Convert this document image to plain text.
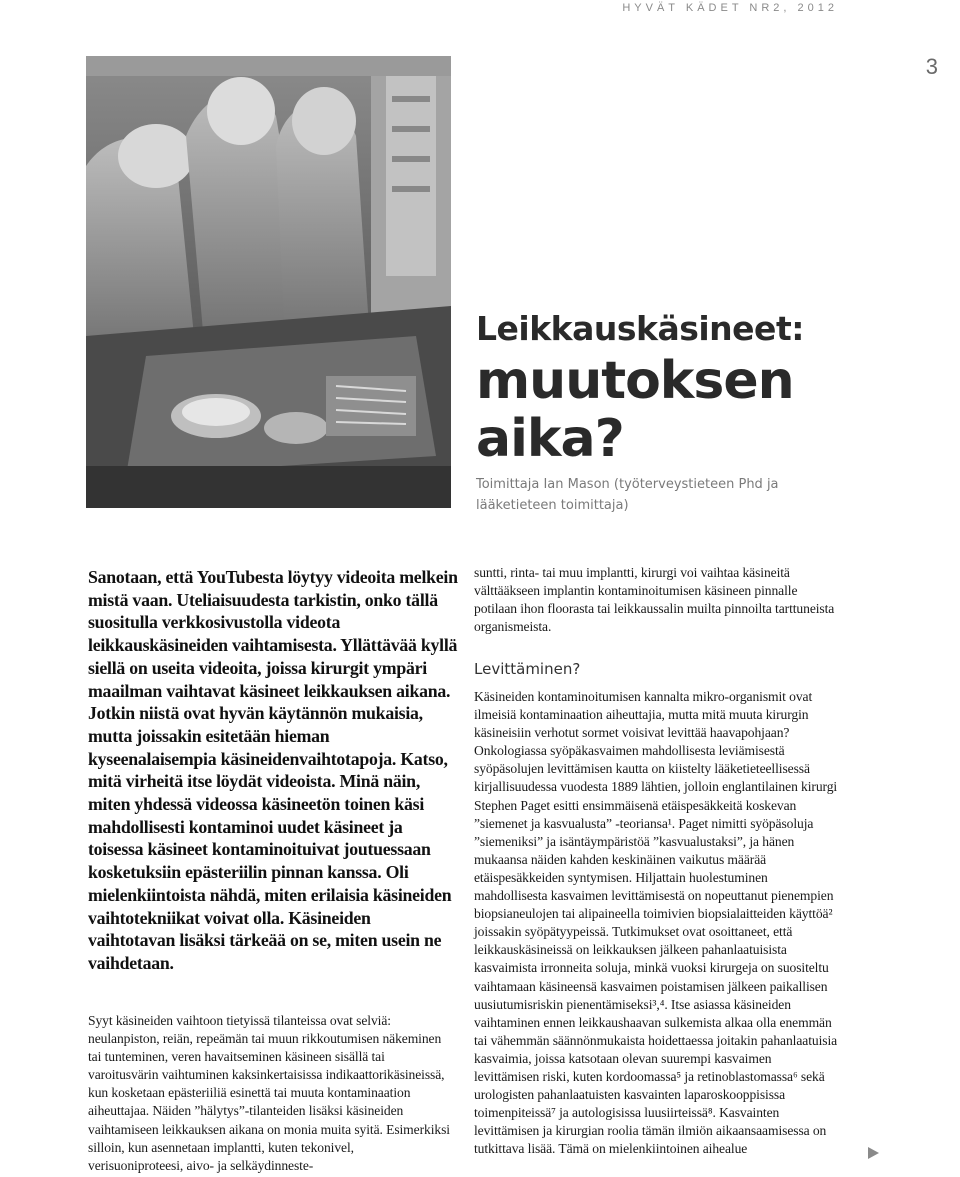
HYVÄT KÄDET NR2, 2012
3
Leikkauskäsineet:
muutoksen
aika?
Toimittaja Ian Mason (työterveystieteen Phd ja lääketieteen toimittaja)

Sanotaan, että YouTubesta löytyy videoita melkein mistä vaan. Uteliaisuudesta tarkistin, onko tällä suositulla verkkosivustolla videota leikkauskäsineiden vaihtamisesta. Yllättävää kyllä siellä on useita videoita, joissa kirurgit ympäri maailman vaihtavat käsineet leikkauksen aikana. Jotkin niistä ovat hyvän käytännön mukaisia, mutta joissakin esitetään hieman kyseenalaisempia käsineidenvaihtotapoja. Katso, mitä virheitä itse löydät videoista. Minä näin, miten yhdessä videossa käsineetön toinen käsi mahdollisesti kontaminoi uudet käsineet ja toisessa käsineet kontaminoituivat joutuessaan kosketuksiin epästeriilin pinnan kanssa. Oli mielenkiintoista nähdä, miten erilaisia käsineiden vaihtotekniikat voivat olla. Käsineiden vaihtotavan lisäksi tärkeää on se, miten usein ne vaihdetaan.

Syyt käsineiden vaihtoon tietyissä tilanteissa ovat selviä: neulanpiston, reiän, repeämän tai muun rikkoutumisen näkeminen tai tunteminen, veren havaitseminen käsineen sisällä tai varoitusvärin vaihtuminen kaksinkertaisissa indikaattorikäsineissä, kun kosketaan epästeriiliä esinettä tai muuta kontaminaation aiheuttajaa. Näiden ”hälytys”-tilanteiden lisäksi käsineiden vaihtamiseen leikkauksen aikana on monia muita syitä. Esimerkiksi silloin, kun asennetaan implantti, kuten tekonivel, verisuoniproteesi, aivo- ja selkäydinneste-

suntti, rinta- tai muu implantti, kirurgi voi vaihtaa käsineitä välttääkseen implantin kontaminoitumisen käsineen pinnalle potilaan ihon floorasta tai leikkaussalin muilta pinnoilta tarttuneista organismeista.

Levittäminen?

Käsineiden kontaminoitumisen kannalta mikro-organismit ovat ilmeisiä kontaminaation aiheuttajia, mutta mitä muuta kirurgin käsineisiin verhotut sormet voisivat levittää haavapohjaan? Onkologiassa syöpäkasvaimen mahdollisesta leviämisestä syöpäsolujen levittämisen kautta on kiistelty lääketieteellisessä kirjallisuudessa vuodesta 1889 lähtien, jolloin englantilainen kirurgi Stephen Paget esitti ensimmäisenä etäispesäkkeitä koskevan ”siemenet ja kasvualusta” -teoriansa¹. Paget nimitti syöpäsoluja ”siemeniksi” ja isäntäympäristöä ”kasvualustaksi”, ja hänen mukaansa näiden kahden keskinäinen vaikutus määrää etäispesäkkeiden syntymisen. Hiljattain huolestuminen mahdollisesta kasvaimen levittämisestä on nopeuttanut pienempien biopsianeulojen tai alipaineella toimivien biopsialaitteiden käyttöä² joissakin syöpätyypeissä. Tutkimukset ovat osoittaneet, että leikkauskäsineissä on leikkauksen jälkeen pahanlaatuisista kasvaimista irronneita soluja, minkä vuoksi kirurgeja on suositeltu vaihtamaan käsineensä kasvaimen poistamisen jälkeen paikallisen uusiutumisriskin pienentämiseksi³,⁴. Itse asiassa käsineiden vaihtaminen ennen leikkaushaavan sulkemista alkaa olla enemmän tai vähemmän säännönmukaista hoidettaessa joitakin pahanlaatuisia kasvaimia, joissa katsotaan olevan suurempi kasvaimen levittämisen riski, kuten kordoomassa⁵ ja retinoblastomassa⁶ sekä urologisten pahanlaatuisten kasvainten laparoskooppisissa toimenpiteissä⁷ ja autologisissa luusiirteissä⁸. Kasvainten levittämisen ja kirurgian roolia tämän ilmiön aikaansaamisessa on tutkittava lisää. Tämä on mielenkiintoinen aihealue
